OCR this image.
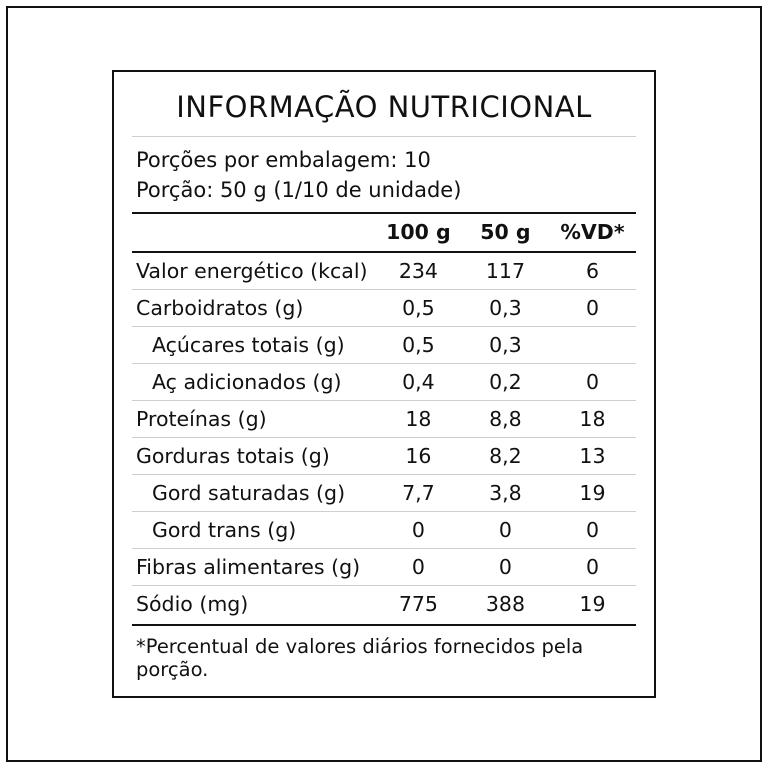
INFORMAÇÃO NUTRICIONAL
Porções por embalagem: 10
Porção: 50 g (1/10 de unidade)
	100 g	50 g	%VD*
Valor energético (kcal)	234	117	6
Carboidratos (g)	0,5	0,3	0
Açúcares totais (g)	0,5	0,3	
Aç adicionados (g)	0,4	0,2	0
Proteínas (g)	18	8,8	18
Gorduras totais (g)	16	8,2	13
Gord saturadas (g)	7,7	3,8	19
Gord trans (g)	0	0	0
Fibras alimentares (g)	0	0	0
Sódio (mg)	775	388	19
*Percentual de valores diários fornecidos pela porção.
